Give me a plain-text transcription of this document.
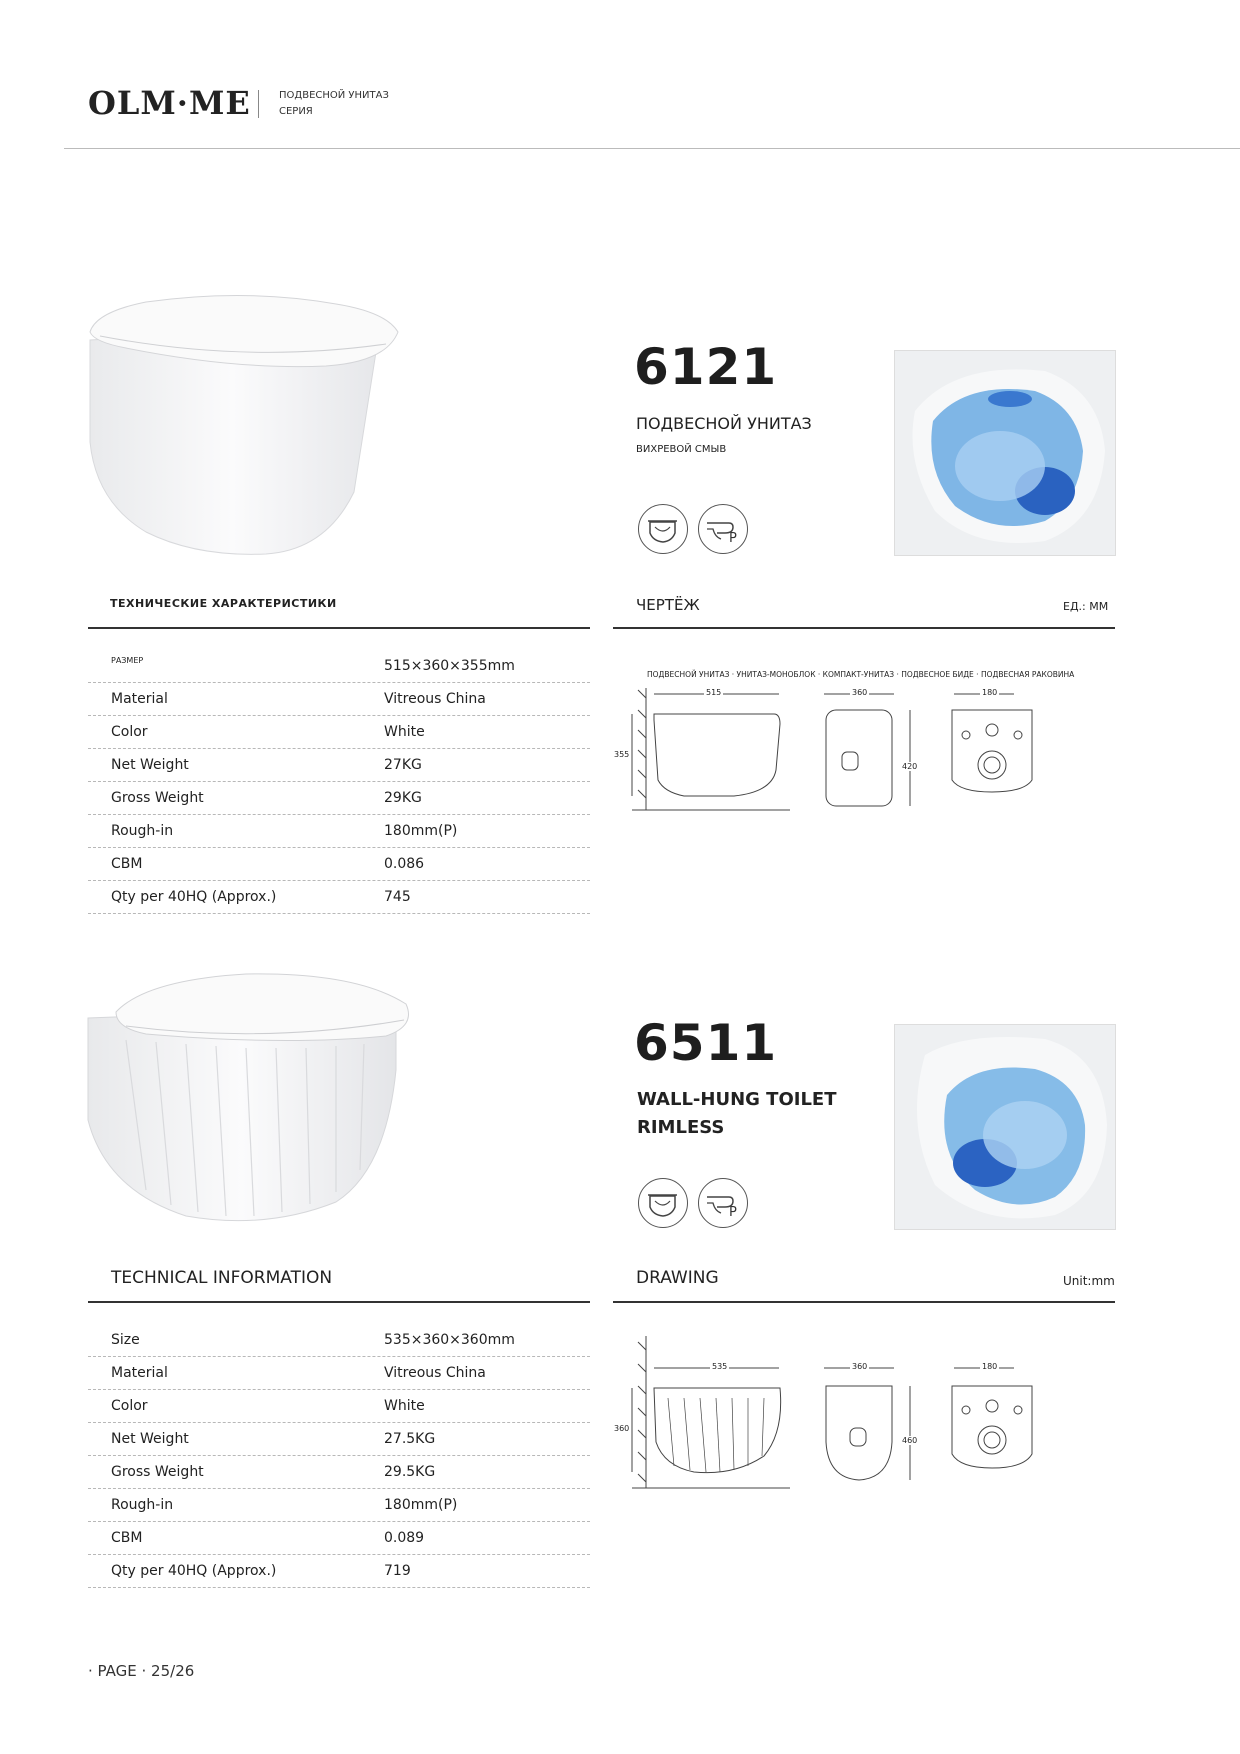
OLM·ME	ПОДВЕСНОЙ УНИТАЗ
СЕРИЯ
6121
ПОДВЕСНОЙ УНИТАЗ
ВИХРЕВОЙ СМЫВ
P
ТЕХНИЧЕСКИЕ ХАРАКТЕРИСТИКИ	ЧЕРТЁЖ	ЕД.: ММ
РАЗМЕР	515×360×355mm
Material	Vitreous China
Color	White
Net Weight	27KG
Gross Weight	29KG
Rough-in	180mm(P)
CBM	0.086
Qty per 40HQ (Approx.)	745
ПОДВЕСНОЙ УНИТАЗ · УНИТАЗ-МОНОБЛОК · КОМПАКТ-УНИТАЗ · ПОДВЕСНОЕ БИДЕ · ПОДВЕСНАЯ РАКОВИНА
515
355
360
420
180
6511
WALL-HUNG TOILET
RIMLESS
P
TECHNICAL INFORMATION	DRAWING	Unit:mm
Size	535×360×360mm
Material	Vitreous China
Color	White
Net Weight	27.5KG
Gross Weight	29.5KG
Rough-in	180mm(P)
CBM	0.089
Qty per 40HQ (Approx.)	719
535
360
360
460
180
· PAGE · 25/26
